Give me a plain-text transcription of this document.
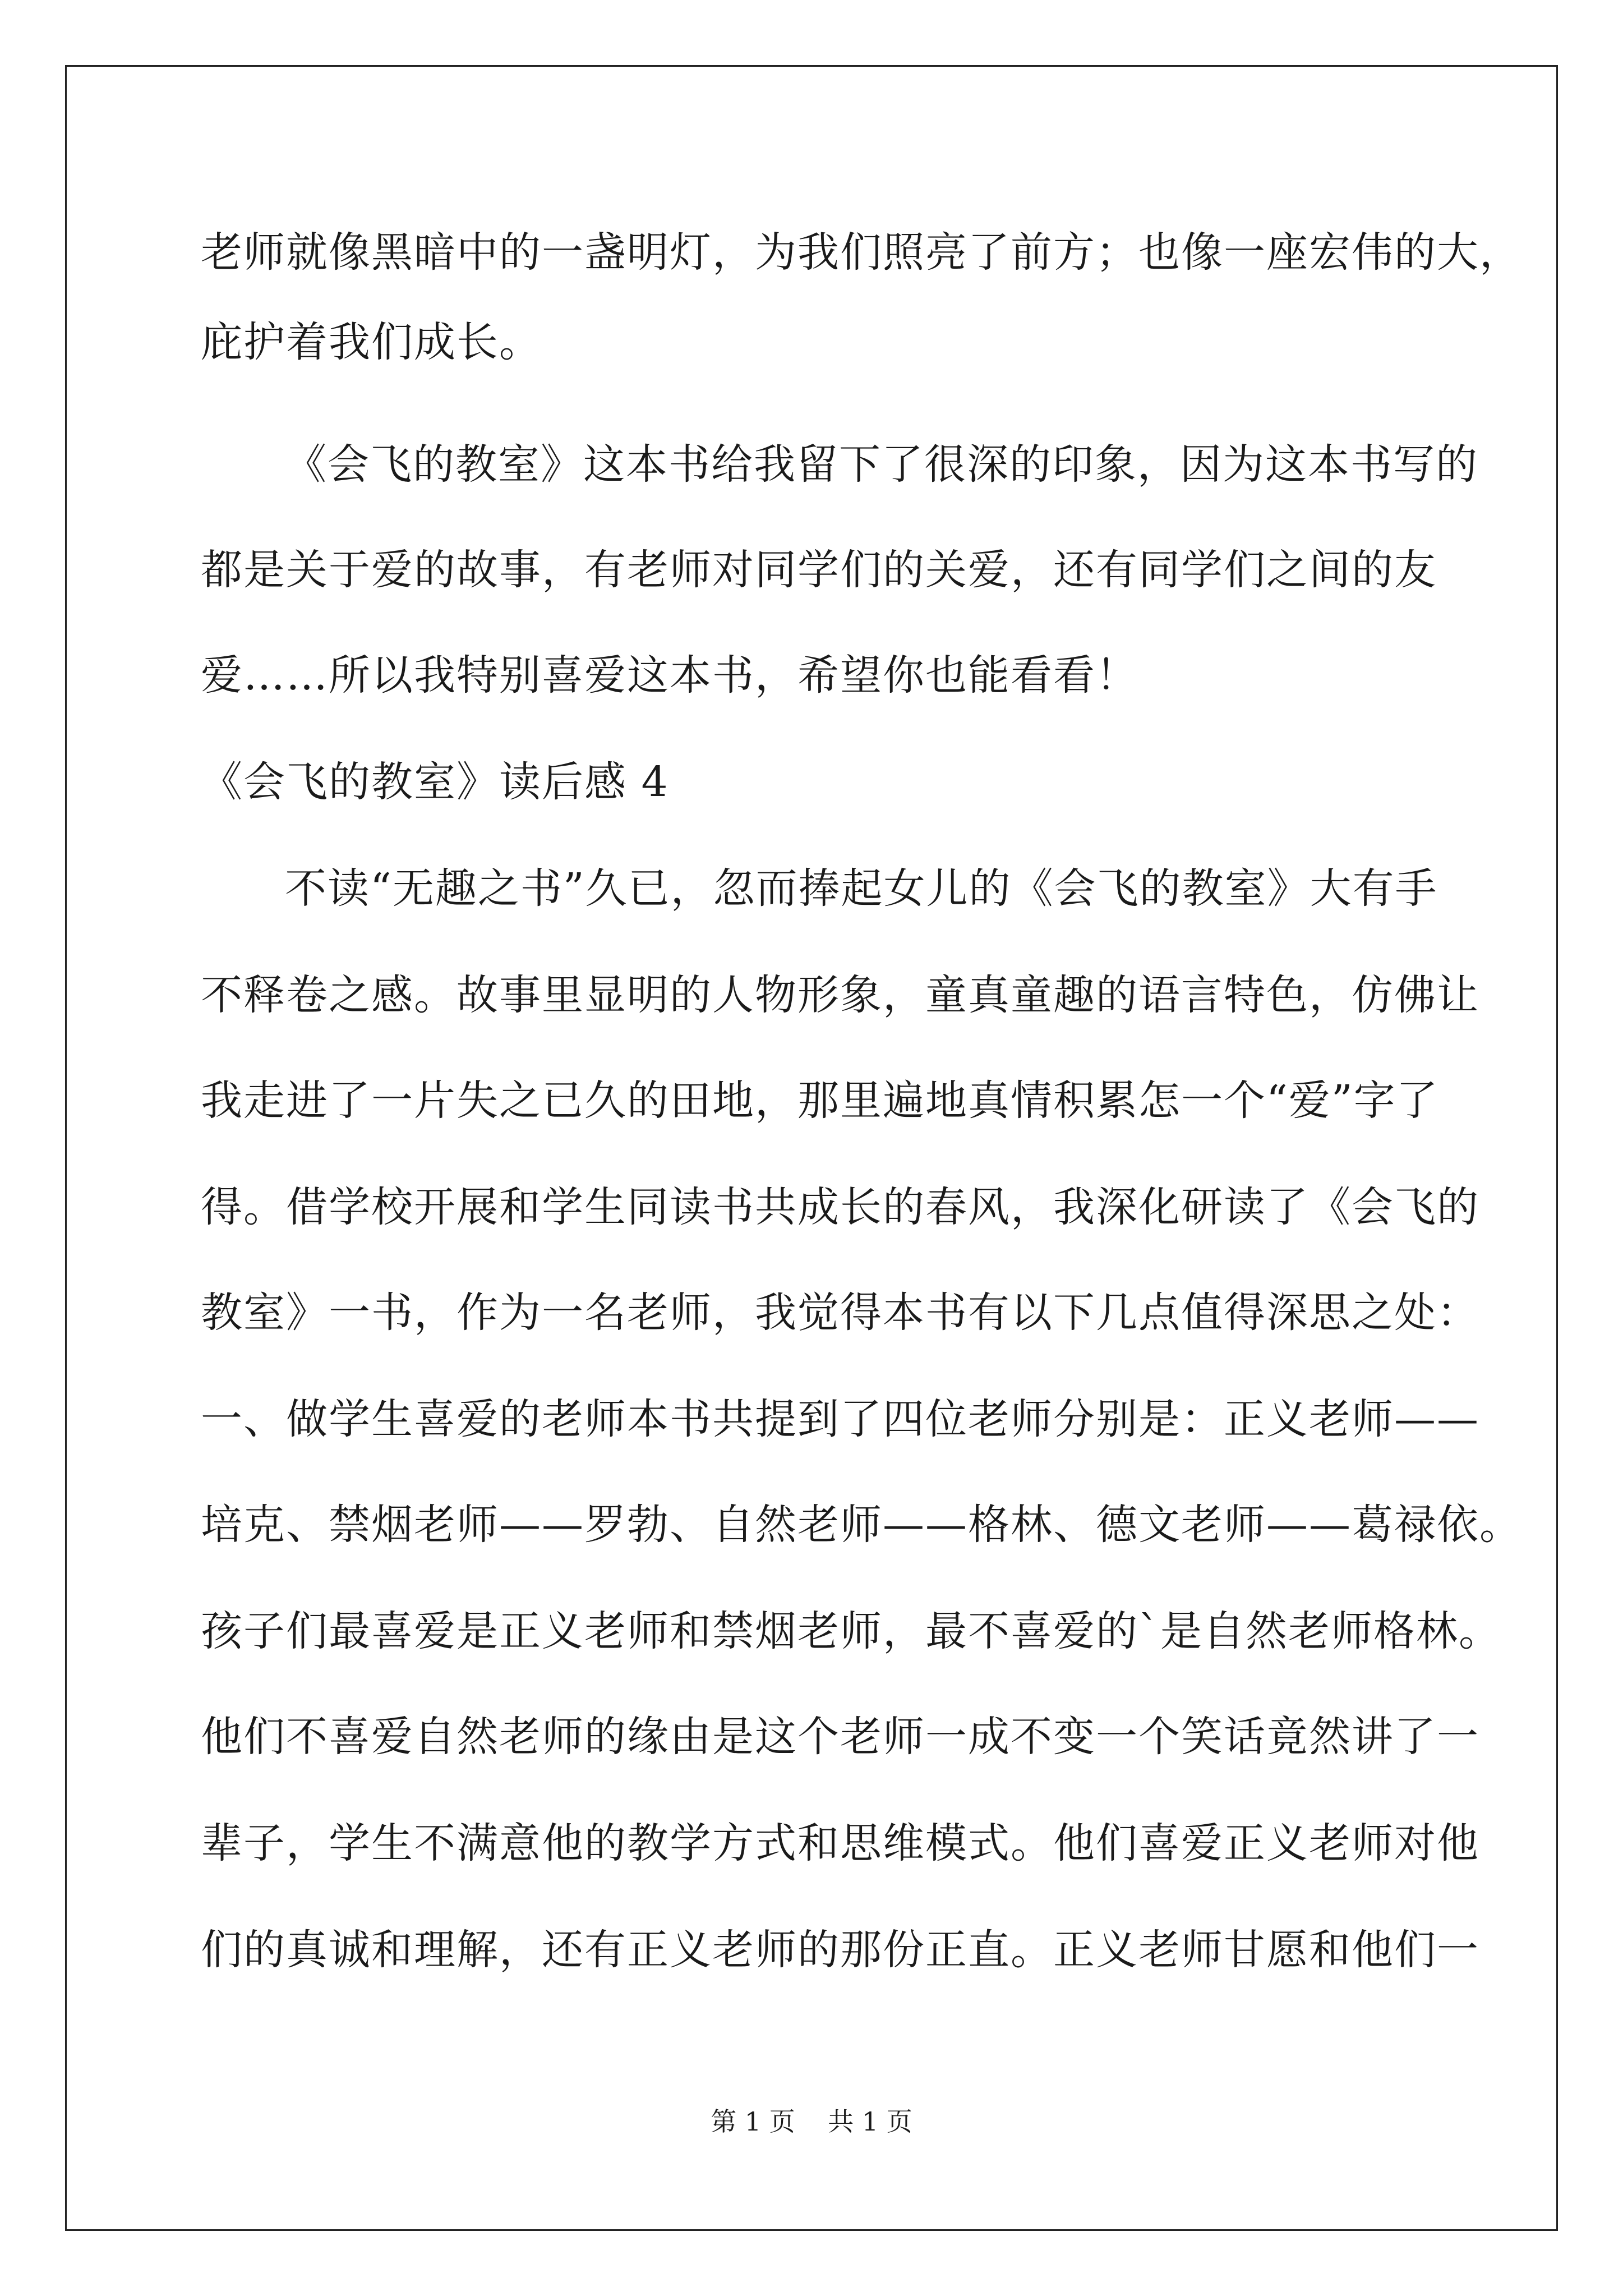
老师就像黑暗中的一盏明灯，为我们照亮了前方；也像一座宏伟的大，
庇护着我们成长。
《会飞的教室》这本书给我留下了很深的印象，因为这本书写的
都是关于爱的故事，有老师对同学们的关爱，还有同学们之间的友
爱……所以我特别喜爱这本书，希望你也能看看！
《会飞的教室》读后感 4
不读“无趣之书”久已，忽而捧起女儿的《会飞的教室》大有手
不释卷之感。故事里显明的人物形象，童真童趣的语言特色，仿佛让
我走进了一片失之已久的田地，那里遍地真情积累怎一个“爱”字了
得。借学校开展和学生同读书共成长的春风，我深化研读了《会飞的
教室》一书，作为一名老师，我觉得本书有以下几点值得深思之处：
一、做学生喜爱的老师本书共提到了四位老师分别是：正义老师——
培克、禁烟老师——罗勃、自然老师——格林、德文老师——葛禄依。
孩子们最喜爱是正义老师和禁烟老师，最不喜爱的`是自然老师格林。
他们不喜爱自然老师的缘由是这个老师一成不变一个笑话竟然讲了一
辈子，学生不满意他的教学方式和思维模式。他们喜爱正义老师对他
们的真诚和理解，还有正义老师的那份正直。正义老师甘愿和他们一
第 1 页    共 1 页
